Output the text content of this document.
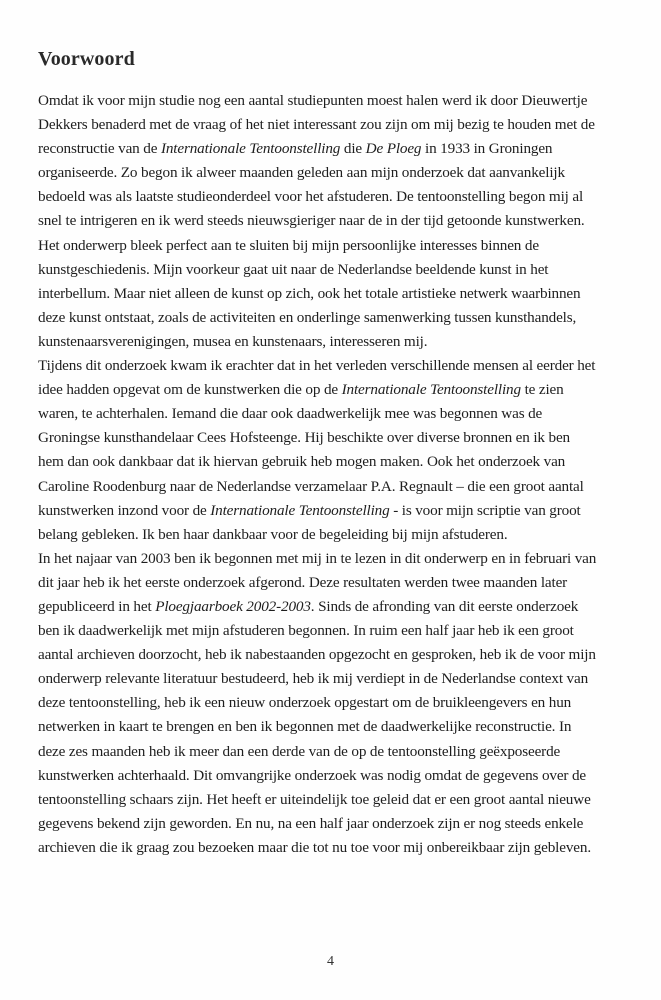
Voorwoord
Omdat ik voor mijn studie nog een aantal studiepunten moest halen werd ik door Dieuwertje
Dekkers benaderd met de vraag of het niet interessant zou zijn om mij bezig te houden met de
reconstructie van de Internationale Tentoonstelling die De Ploeg in 1933 in Groningen
organiseerde. Zo begon ik alweer maanden geleden aan mijn onderzoek dat aanvankelijk
bedoeld was als laatste studieonderdeel voor het afstuderen. De tentoonstelling begon mij al
snel te intrigeren en ik werd steeds nieuwsgieriger naar de in der tijd getoonde kunstwerken.
Het onderwerp bleek perfect aan te sluiten bij mijn persoonlijke interesses binnen de
kunstgeschiedenis. Mijn voorkeur gaat uit naar de Nederlandse beeldende kunst in het
interbellum. Maar niet alleen de kunst op zich, ook het totale artistieke netwerk waarbinnen
deze kunst ontstaat, zoals de activiteiten en onderlinge samenwerking tussen kunsthandels,
kunstenaarsverenigingen, musea en kunstenaars, interesseren mij.
Tijdens dit onderzoek kwam ik erachter dat in het verleden verschillende mensen al eerder het
idee hadden opgevat om de kunstwerken die op de Internationale Tentoonstelling te zien
waren, te achterhalen. Iemand die daar ook daadwerkelijk mee was begonnen was de
Groningse kunsthandelaar Cees Hofsteenge. Hij beschikte over diverse bronnen en ik ben
hem dan ook dankbaar dat ik hiervan gebruik heb mogen maken. Ook het onderzoek van
Caroline Roodenburg naar de Nederlandse verzamelaar P.A. Regnault – die een groot aantal
kunstwerken inzond voor de Internationale Tentoonstelling - is voor mijn scriptie van groot
belang gebleken. Ik ben haar dankbaar voor de begeleiding bij mijn afstuderen.
In het najaar van 2003 ben ik begonnen met mij in te lezen in dit onderwerp en in februari van
dit jaar heb ik het eerste onderzoek afgerond. Deze resultaten werden twee maanden later
gepubliceerd in het Ploegjaarboek 2002-2003. Sinds de afronding van dit eerste onderzoek
ben ik daadwerkelijk met mijn afstuderen begonnen. In ruim een half jaar heb ik een groot
aantal archieven doorzocht, heb ik nabestaanden opgezocht en gesproken, heb ik de voor mijn
onderwerp relevante literatuur bestudeerd, heb ik mij verdiept in de Nederlandse context van
deze tentoonstelling, heb ik een nieuw onderzoek opgestart om de bruikleengevers en hun
netwerken in kaart te brengen en ben ik begonnen met de daadwerkelijke reconstructie. In
deze zes maanden heb ik meer dan een derde van de op de tentoonstelling geëxposeerde
kunstwerken achterhaald. Dit omvangrijke onderzoek was nodig omdat de gegevens over de
tentoonstelling schaars zijn. Het heeft er uiteindelijk toe geleid dat er een groot aantal nieuwe
gegevens bekend zijn geworden. En nu, na een half jaar onderzoek zijn er nog steeds enkele
archieven die ik graag zou bezoeken maar die tot nu toe voor mij onbereikbaar zijn gebleven.
4
